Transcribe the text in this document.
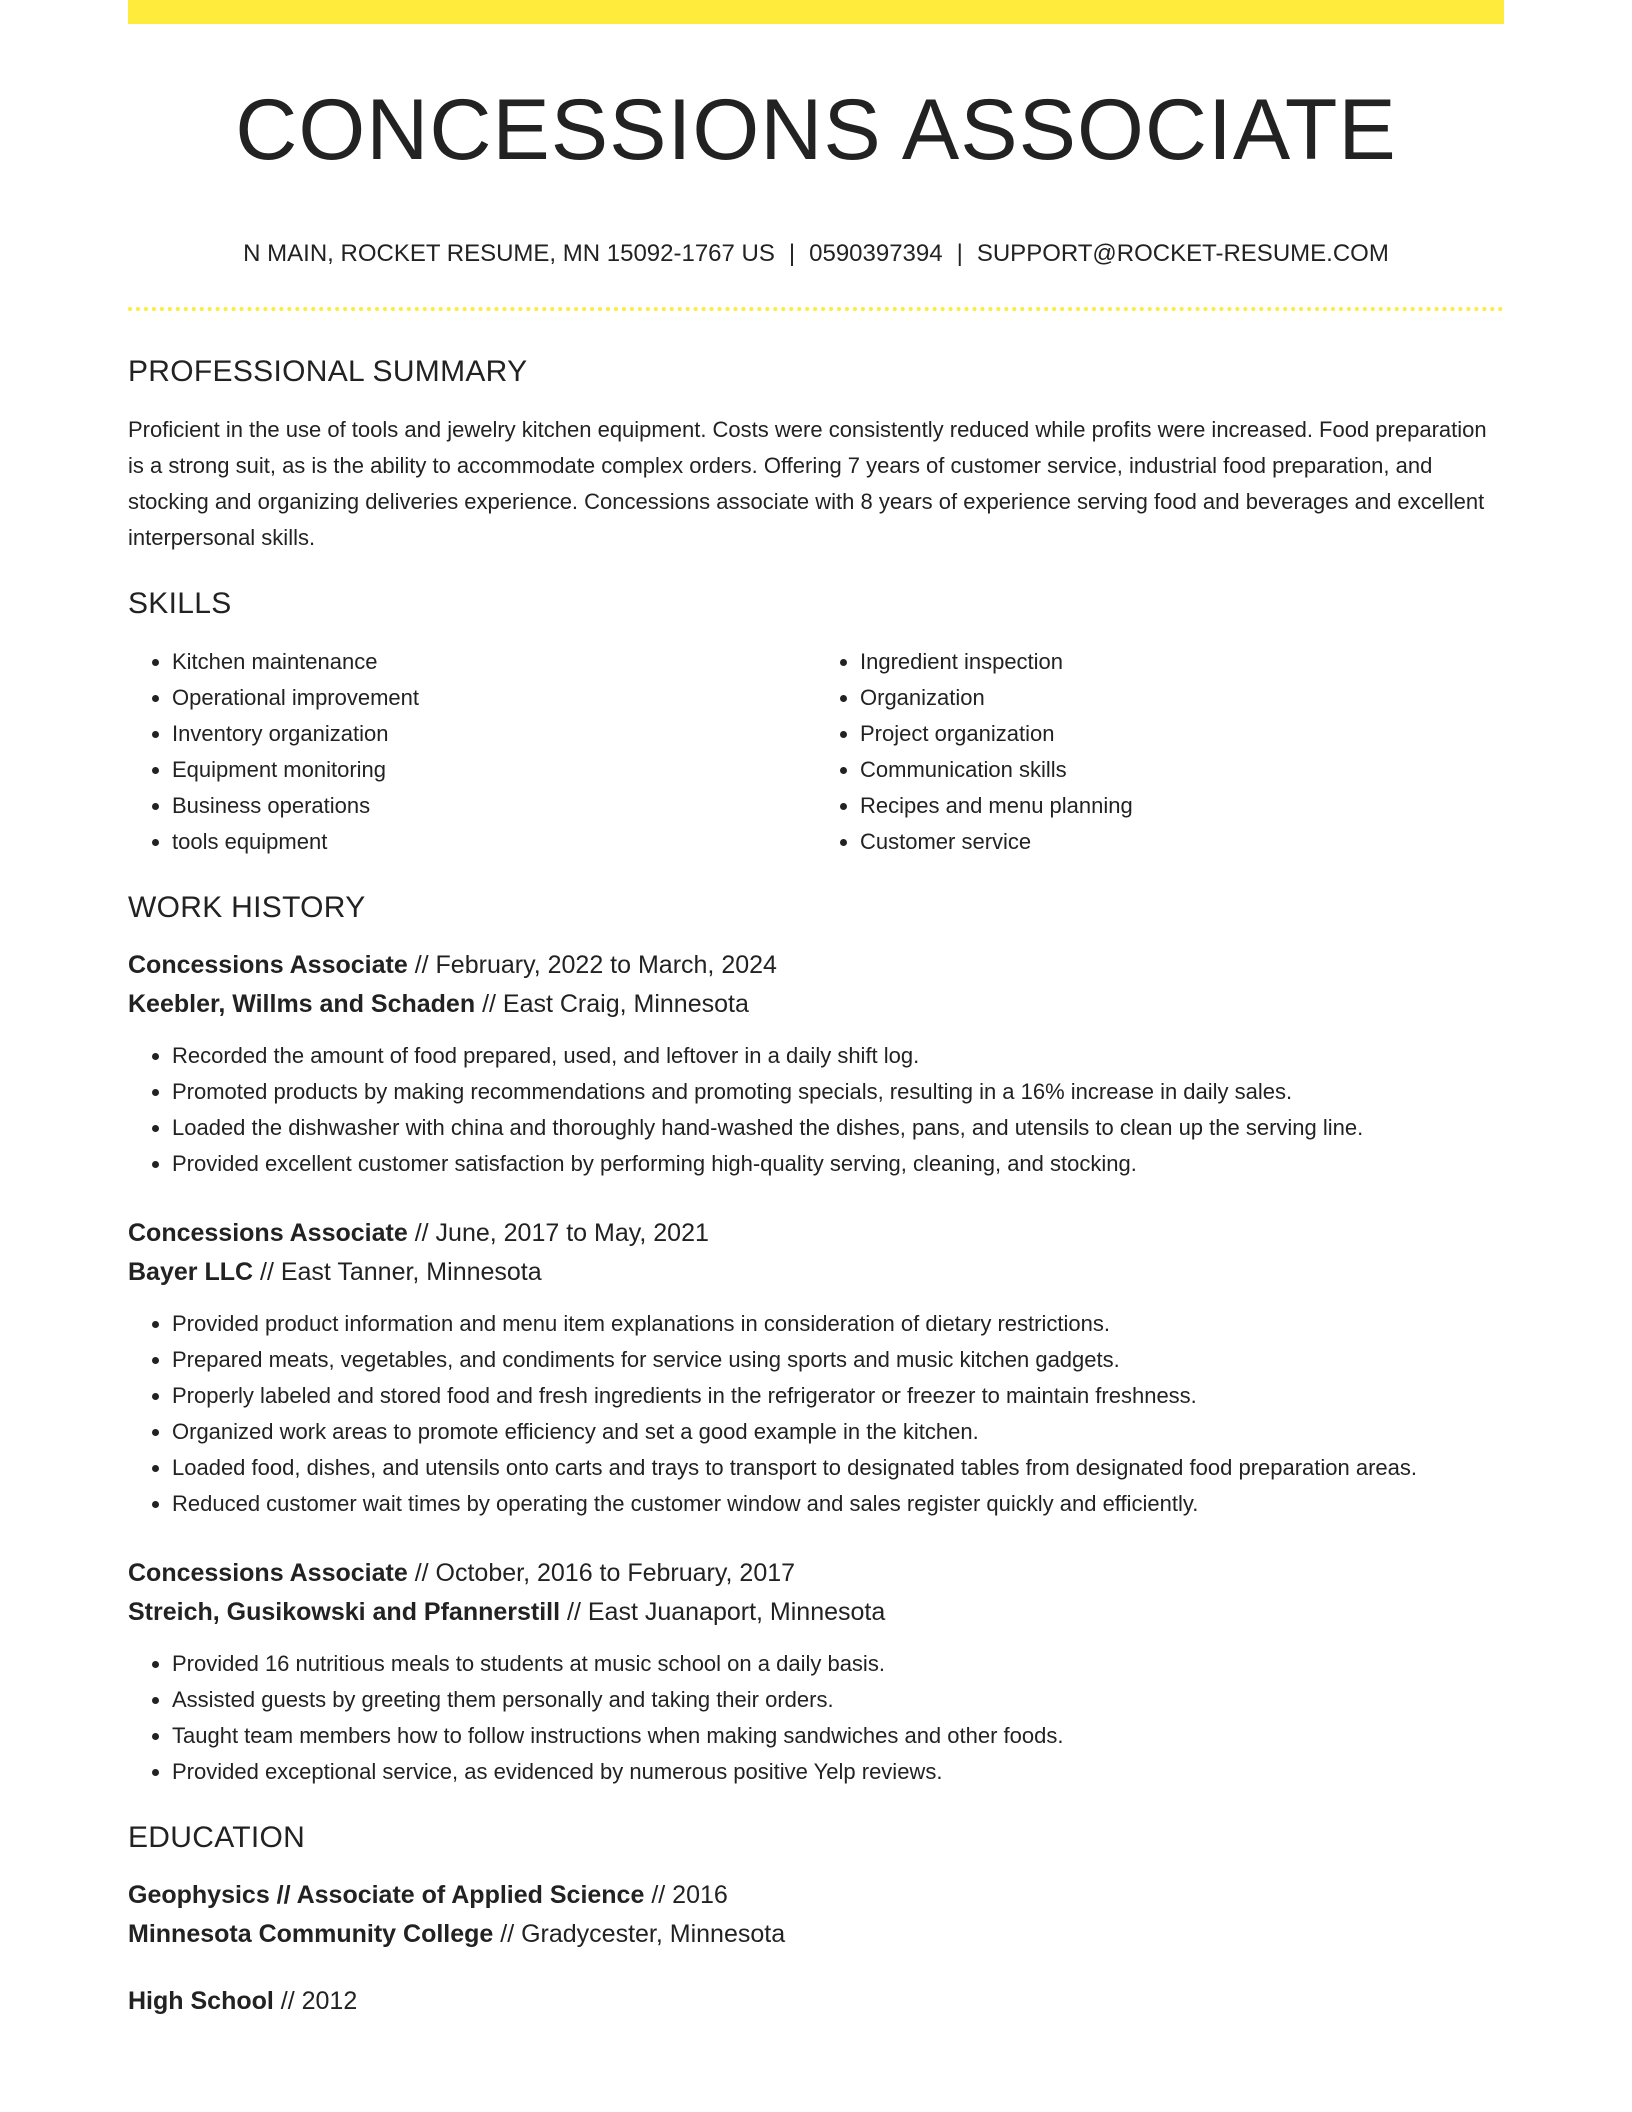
CONCESSIONS ASSOCIATE
N MAIN, ROCKET RESUME, MN 15092-1767 US | 0590397394 | SUPPORT@ROCKET-RESUME.COM
PROFESSIONAL SUMMARY

Proficient in the use of tools and jewelry kitchen equipment. Costs were consistently reduced while profits were increased. Food preparation is a strong suit, as is the ability to accommodate complex orders. Offering 7 years of customer service, industrial food preparation, and stocking and organizing deliveries experience. Concessions associate with 8 years of experience serving food and beverages and excellent interpersonal skills.

SKILLS
• Kitchen maintenance
• Operational improvement
• Inventory organization
• Equipment monitoring
• Business operations
• tools equipment
• Ingredient inspection
• Organization
• Project organization
• Communication skills
• Recipes and menu planning
• Customer service
WORK HISTORY
Concessions Associate // February, 2022 to March, 2024
Keebler, Willms and Schaden // East Craig, Minnesota
• Recorded the amount of food prepared, used, and leftover in a daily shift log.
• Promoted products by making recommendations and promoting specials, resulting in a 16% increase in daily sales.
• Loaded the dishwasher with china and thoroughly hand-washed the dishes, pans, and utensils to clean up the serving line.
• Provided excellent customer satisfaction by performing high-quality serving, cleaning, and stocking.
Concessions Associate // June, 2017 to May, 2021
Bayer LLC // East Tanner, Minnesota
• Provided product information and menu item explanations in consideration of dietary restrictions.
• Prepared meats, vegetables, and condiments for service using sports and music kitchen gadgets.
• Properly labeled and stored food and fresh ingredients in the refrigerator or freezer to maintain freshness.
• Organized work areas to promote efficiency and set a good example in the kitchen.
• Loaded food, dishes, and utensils onto carts and trays to transport to designated tables from designated food preparation areas.
• Reduced customer wait times by operating the customer window and sales register quickly and efficiently.
Concessions Associate // October, 2016 to February, 2017
Streich, Gusikowski and Pfannerstill // East Juanaport, Minnesota
• Provided 16 nutritious meals to students at music school on a daily basis.
• Assisted guests by greeting them personally and taking their orders.
• Taught team members how to follow instructions when making sandwiches and other foods.
• Provided exceptional service, as evidenced by numerous positive Yelp reviews.
EDUCATION
Geophysics // Associate of Applied Science // 2016
Minnesota Community College // Gradycester, Minnesota
High School // 2012
